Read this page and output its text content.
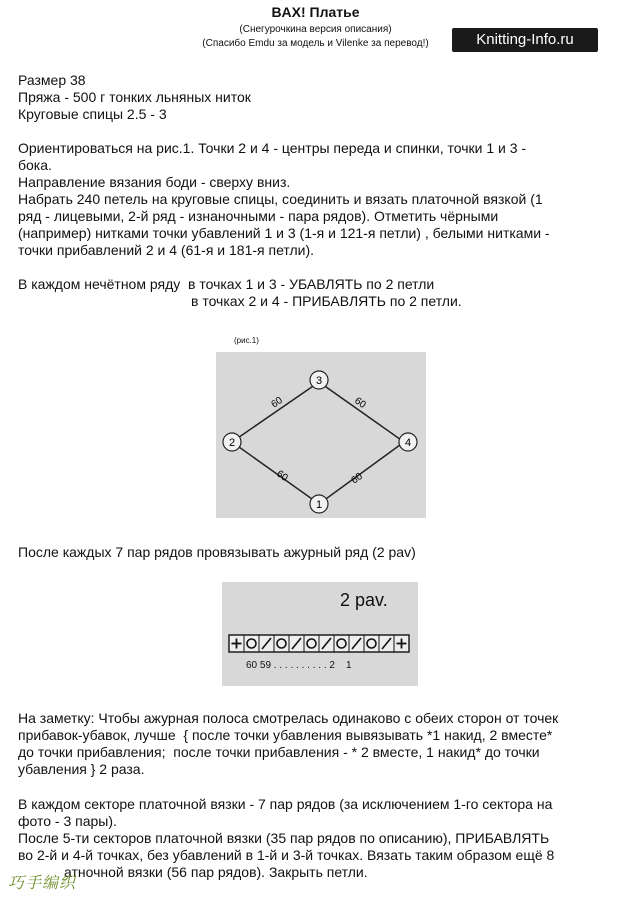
BAX! Платье
(Снегурочкина версия описания)
(Спасибо Emdu за модель и Vilenke за перевод!)	Knitting-Info.ru
Размер 38
Пряжа - 500 г тонких льняных ниток
Круговые спицы 2.5 - 3
Ориентироваться на рис.1. Точки 2 и 4 - центры переда и спинки, точки 1 и 3 -
бока.
Направление вязания боди - сверху вниз.
Набрать 240 петель на круговые спицы, соединить и вязать платочной вязкой (1
ряд - лицевыми, 2-й ряд - изнаночными - пара рядов). Отметить чёрными
(например) нитками точки убавлений 1 и 3 (1-я и 121-я петли) , белыми нитками -
точки прибавлений 2 и 4 (61-я и 181-я петли).
В каждом нечётном ряду  в точках 1 и 3 - УБАВЛЯТЬ по 2 петли
в точках 2 и 4 - ПРИБАВЛЯТЬ по 2 петли.
(рис.1)
3
4
2
1
60	60
60	60
После каждых 7 пар рядов провязывать ажурный ряд (2 pav)
2 pav.
60 59 . . . . . . . . . . 2    1
На заметку: Чтобы ажурная полоса смотрелась одинаково с обеих сторон от точек
прибавок-убавок, лучше  { после точки убавления вывязывать *1 накид, 2 вместе*
до точки прибавления;  после точки прибавления - * 2 вместе, 1 накид* до точки
убавления } 2 раза.
В каждом секторе платочной вязки - 7 пар рядов (за исключением 1-го сектора на
фото - 3 пары).
После 5-ти секторов платочной вязки (35 пар рядов по описанию), ПРИБАВЛЯТЬ
во 2-й и 4-й точках, без убавлений в 1-й и 3-й точках. Вязать таким образом ещё 8
атночной вязки (56 пар рядов). Закрыть петли.
巧手编织
